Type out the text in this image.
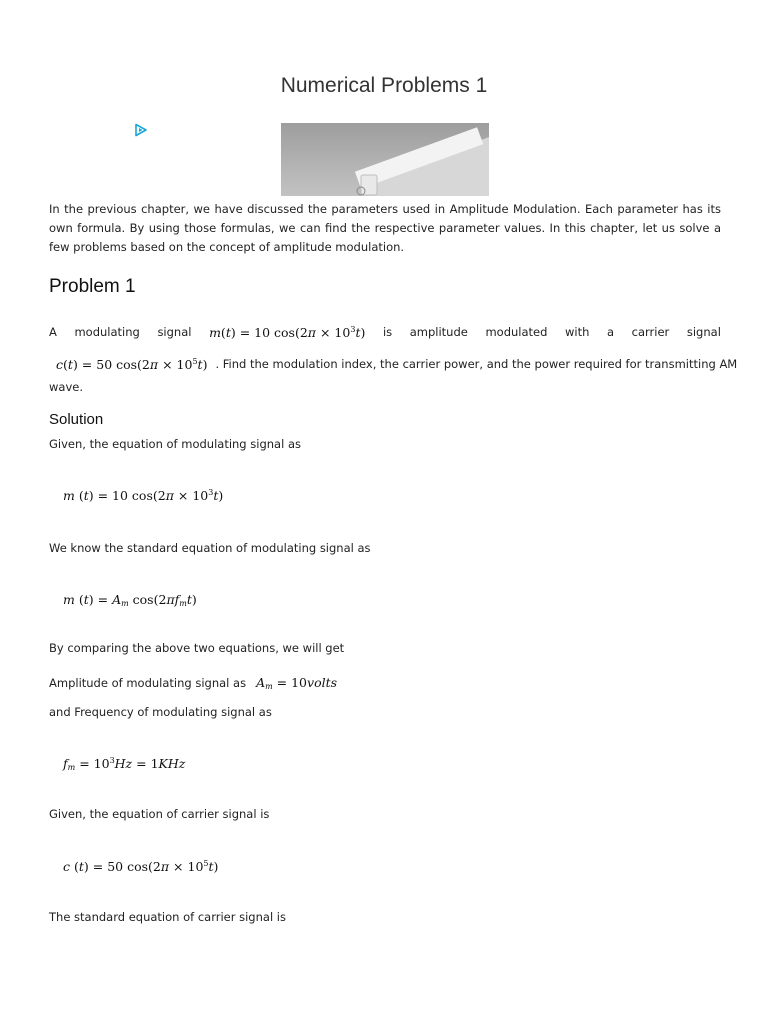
Numerical Problems 1

In the previous chapter, we have discussed the parameters used in Amplitude Modulation. Each parameter has its own formula. By using those formulas, we can find the respective parameter values. In this chapter, let us solve a few problems based on the concept of amplitude modulation.

Problem 1
A modulating signal m(t) = 10 $\cos(2\pi \times 10^3t)$ is amplitude modulated with a carrier signal
c(t) = 50 $\cos(2\pi \times 10^5t)$ . Find the modulation index, the carrier power, and the power required for transmitting AM

wave.

Solution

Given, the equation of modulating signal as

m (t) = 10 $\cos(2\pi \times 10^3t)$

We know the standard equation of modulating signal as

m $(t) = A_m$ $\cos(2\pi f_mt)$

By comparing the above two equations, we will get

Amplitude of modulating signal as $A_m$ = 10volts

and Frequency of modulating signal as

$f_m = 10^3Hz = 1KHz$

Given, the equation of carrier signal is

c (t) = 50 $\cos(2\pi \times 10^5t)$

The standard equation of carrier signal is
